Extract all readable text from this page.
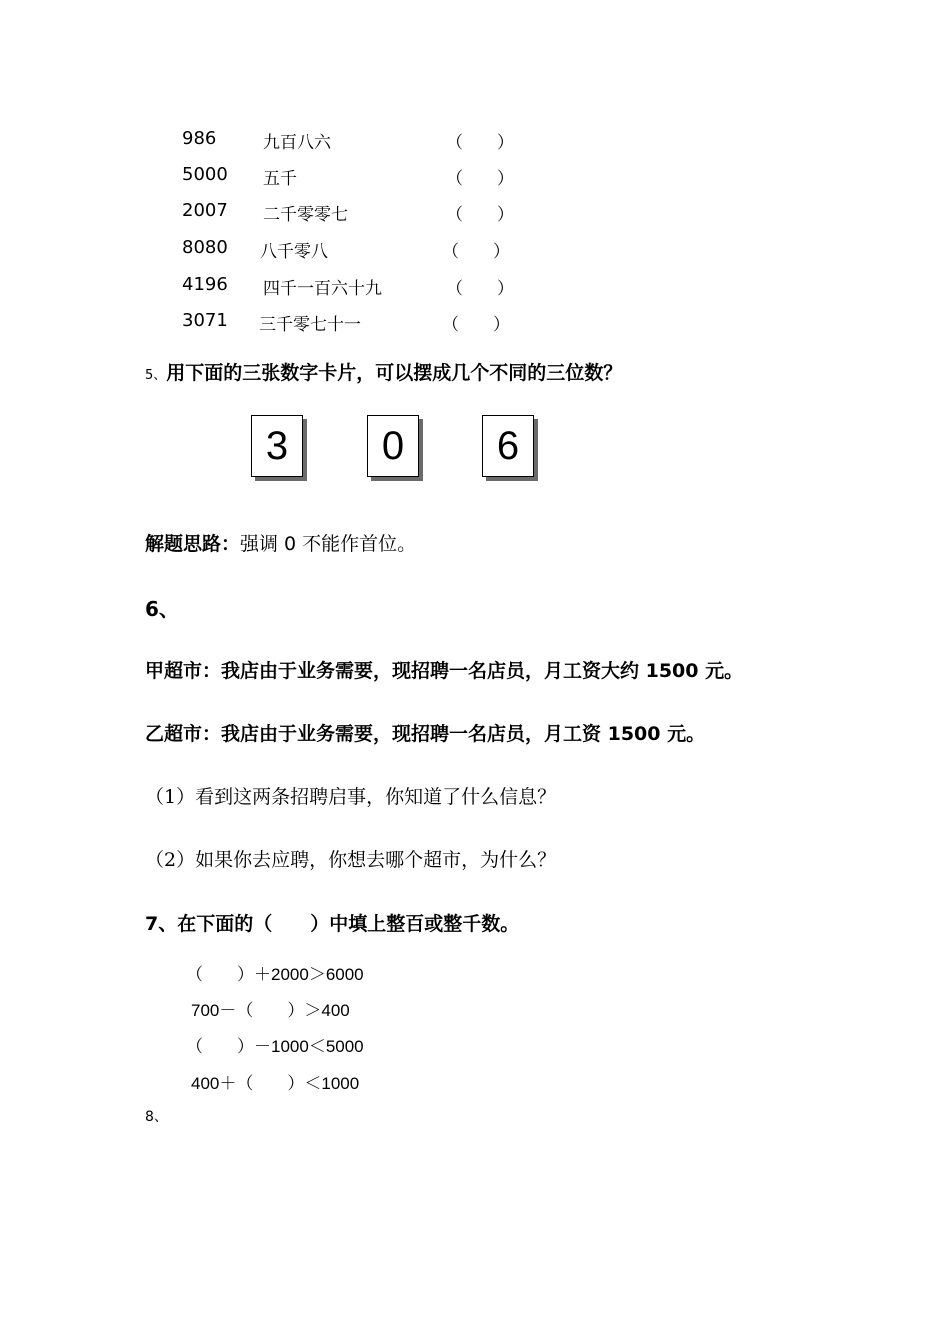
986	九百八六	（　　）
5000 五千	（　　）
2007 二千零零七	（　　）
8080 八千零八	（　　）
4196 四千一百六十九	（　　）
3071 三千零七十一	（　　）
5、用下面的三张数字卡片，可以摆成几个不同的三位数？
3	0	6
解题思路：强调 0 不能作首位。
6、
甲超市：我店由于业务需要，现招聘一名店员，月工资大约 1500 元。
乙超市：我店由于业务需要，现招聘一名店员，月工资 1500 元。
（1）看到这两条招聘启事，你知道了什么信息？
（2）如果你去应聘，你想去哪个超市，为什么？
7、在下面的（　　）中填上整百或整千数。
（　　）＋2000＞6000
700－（　　）＞400
（　　）－1000＜5000
400＋（　　）＜1000
8、
